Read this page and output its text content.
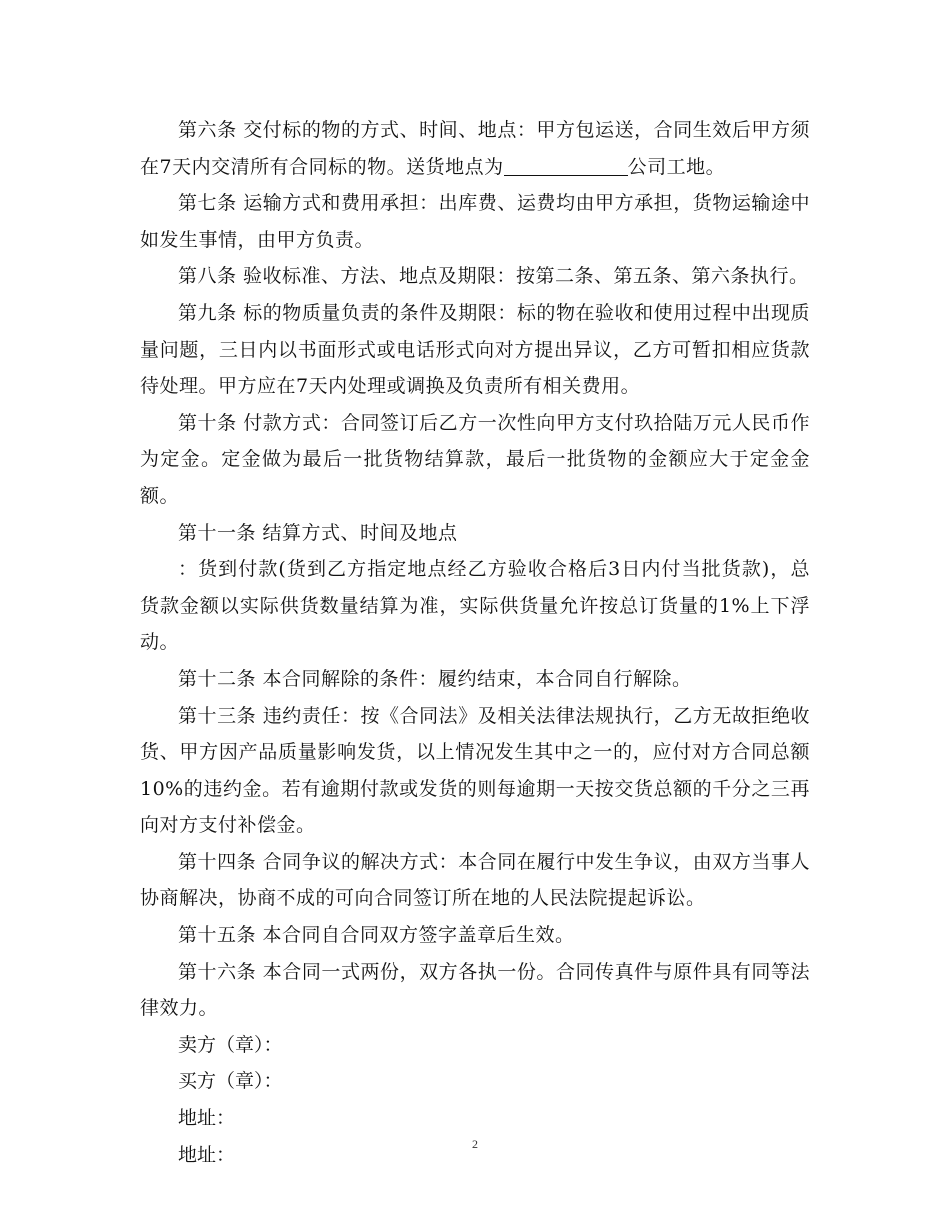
第六条 交付标的物的方式、时间、地点：甲方包运送，合同生效后甲方须在7天内交清所有合同标的物。送货地点为	公司工地。

第七条 运输方式和费用承担：出库费、运费均由甲方承担，货物运输途中如发生事情，由甲方负责。

第八条 验收标准、方法、地点及期限：按第二条、第五条、第六条执行。

第九条 标的物质量负责的条件及期限：标的物在验收和使用过程中出现质量问题，三日内以书面形式或电话形式向对方提出异议，乙方可暂扣相应货款待处理。甲方应在7天内处理或调换及负责所有相关费用。

第十条 付款方式：合同签订后乙方一次性向甲方支付玖拾陆万元人民币作为定金。定金做为最后一批货物结算款，最后一批货物的金额应大于定金金额。

第十一条 结算方式、时间及地点

：货到付款(货到乙方指定地点经乙方验收合格后3日内付当批货款)，总货款金额以实际供货数量结算为准，实际供货量允许按总订货量的1%上下浮动。

第十二条 本合同解除的条件：履约结束，本合同自行解除。

第十三条 违约责任：按《合同法》及相关法律法规执行，乙方无故拒绝收货、甲方因产品质量影响发货，以上情况发生其中之一的，应付对方合同总额10%的违约金。若有逾期付款或发货的则每逾期一天按交货总额的千分之三再向对方支付补偿金。

第十四条 合同争议的解决方式：本合同在履行中发生争议，由双方当事人协商解决，协商不成的可向合同签订所在地的人民法院提起诉讼。

第十五条 本合同自合同双方签字盖章后生效。

第十六条 本合同一式两份，双方各执一份。合同传真件与原件具有同等法律效力。

卖方（章）：

买方（章）：

地址：

地址：	2
